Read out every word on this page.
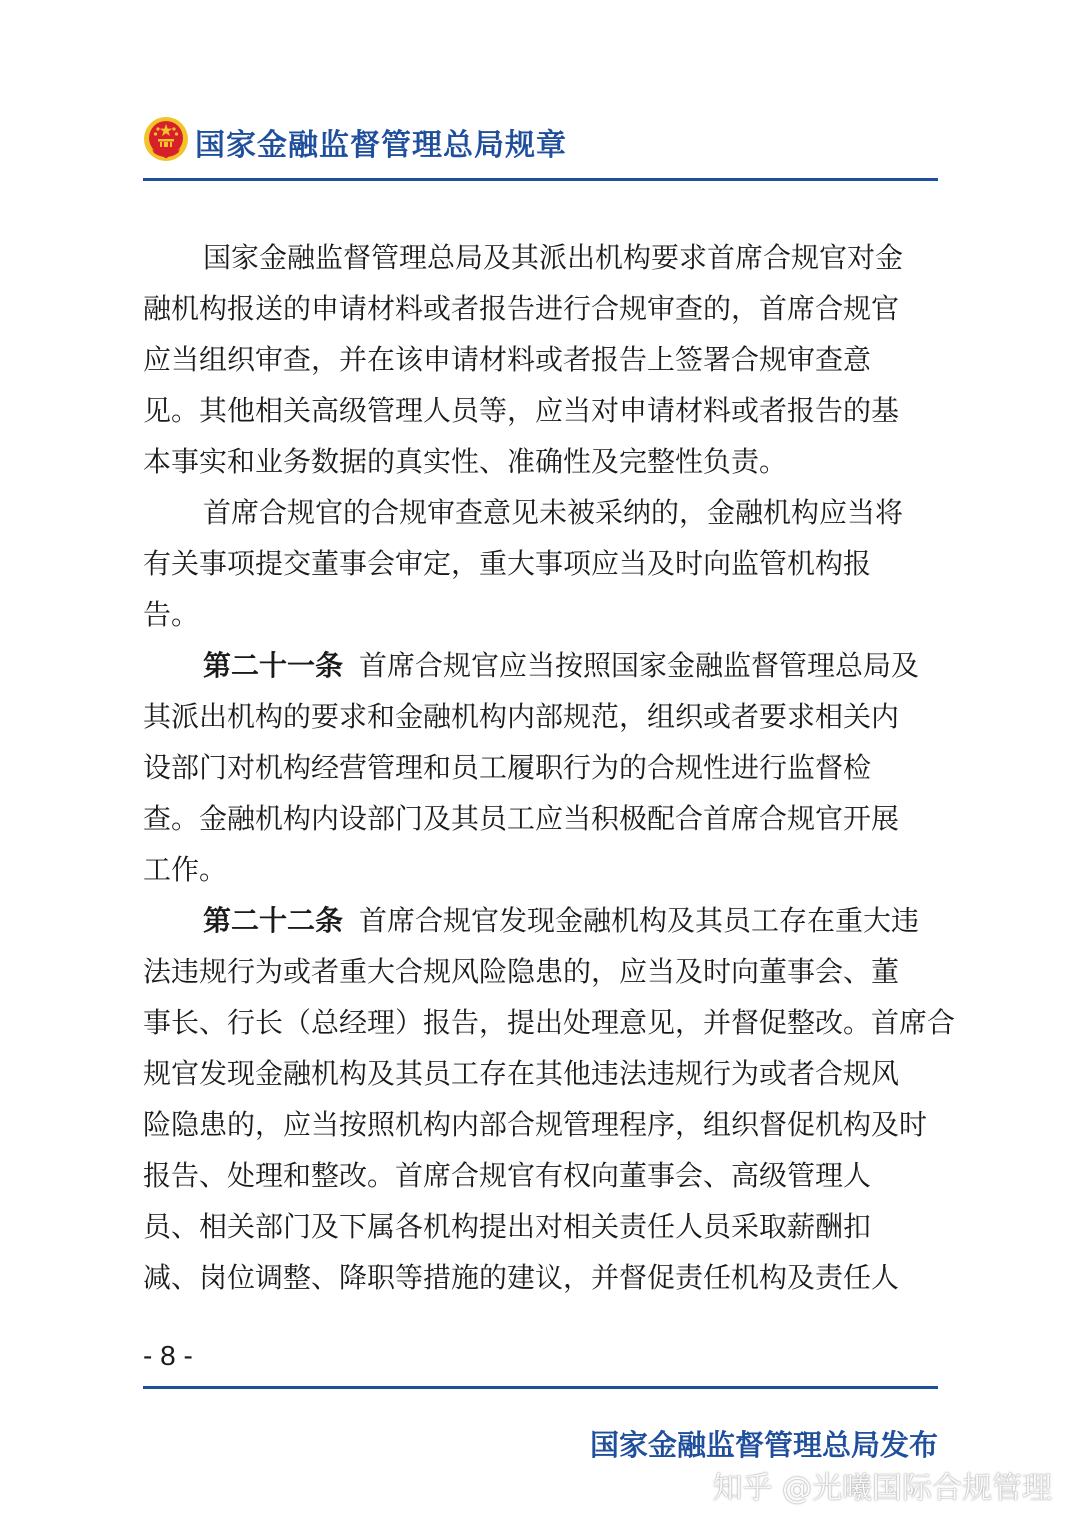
国家金融监督管理总局规章
国家金融监督管理总局及其派出机构要求首席合规官对金
融机构报送的申请材料或者报告进行合规审查的，首席合规官
应当组织审查，并在该申请材料或者报告上签署合规审查意
见。其他相关高级管理人员等，应当对申请材料或者报告的基
本事实和业务数据的真实性、准确性及完整性负责。
首席合规官的合规审查意见未被采纳的，金融机构应当将
有关事项提交董事会审定，重大事项应当及时向监管机构报
告。
第二十一条 首席合规官应当按照国家金融监督管理总局及
其派出机构的要求和金融机构内部规范，组织或者要求相关内
设部门对机构经营管理和员工履职行为的合规性进行监督检
查。金融机构内设部门及其员工应当积极配合首席合规官开展
工作。
第二十二条 首席合规官发现金融机构及其员工存在重大违
法违规行为或者重大合规风险隐患的，应当及时向董事会、董
事长、行长（总经理）报告，提出处理意见，并督促整改。首席合
规官发现金融机构及其员工存在其他违法违规行为或者合规风
险隐患的，应当按照机构内部合规管理程序，组织督促机构及时
报告、处理和整改。首席合规官有权向董事会、高级管理人
员、相关部门及下属各机构提出对相关责任人员采取薪酬扣
减、岗位调整、降职等措施的建议，并督促责任机构及责任人
- 8 -
国家金融监督管理总局发布
知乎 @光曦国际合规管理
